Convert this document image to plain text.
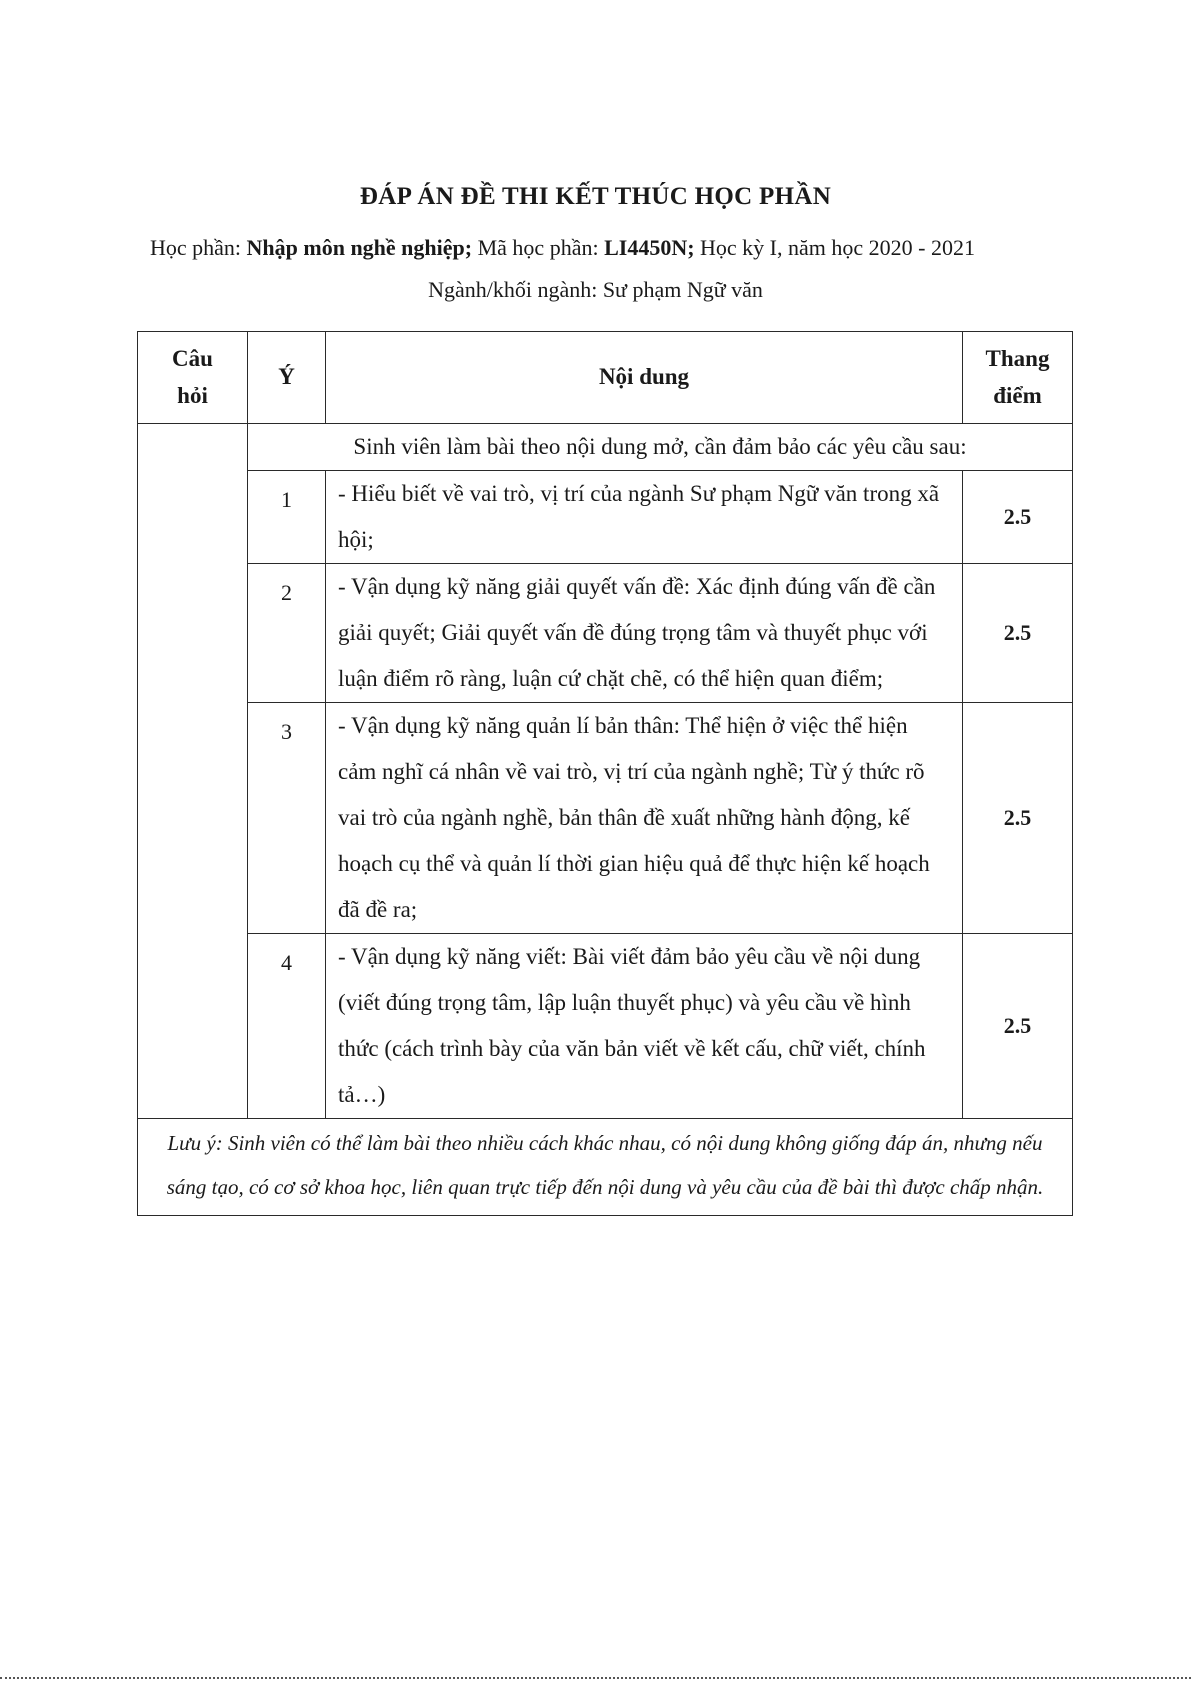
ĐÁP ÁN ĐỀ THI KẾT THÚC HỌC PHẦN
Học phần: Nhập môn nghề nghiệp; Mã học phần: LI4450N; Học kỳ I, năm học 2020 - 2021
Ngành/khối ngành: Sư phạm Ngữ văn
Câu hỏi	Ý	Nội dung	Thang điểm
	Sinh viên làm bài theo nội dung mở, cần đảm bảo các yêu cầu sau:		
	1	- Hiểu biết về vai trò, vị trí của ngành Sư phạm Ngữ văn trong xã hội;	2.5
	2	- Vận dụng kỹ năng giải quyết vấn đề: Xác định đúng vấn đề cần giải quyết; Giải quyết vấn đề đúng trọng tâm và thuyết phục với luận điểm rõ ràng, luận cứ chặt chẽ, có thể hiện quan điểm;	2.5
	3	- Vận dụng kỹ năng quản lí bản thân: Thể hiện ở việc thể hiện cảm nghĩ cá nhân về vai trò, vị trí của ngành nghề; Từ ý thức rõ vai trò của ngành nghề, bản thân đề xuất những hành động, kế hoạch cụ thể và quản lí thời gian hiệu quả để thực hiện kế hoạch đã đề ra;	2.5
	4	- Vận dụng kỹ năng viết: Bài viết đảm bảo yêu cầu về nội dung (viết đúng trọng tâm, lập luận thuyết phục) và yêu cầu về hình thức (cách trình bày của văn bản viết về kết cấu, chữ viết, chính tả…)	2.5
Lưu ý: Sinh viên có thể làm bài theo nhiều cách khác nhau, có nội dung không giống đáp án, nhưng nếu sáng tạo, có cơ sở khoa học, liên quan trực tiếp đến nội dung và yêu cầu của đề bài thì được chấp nhận.			
